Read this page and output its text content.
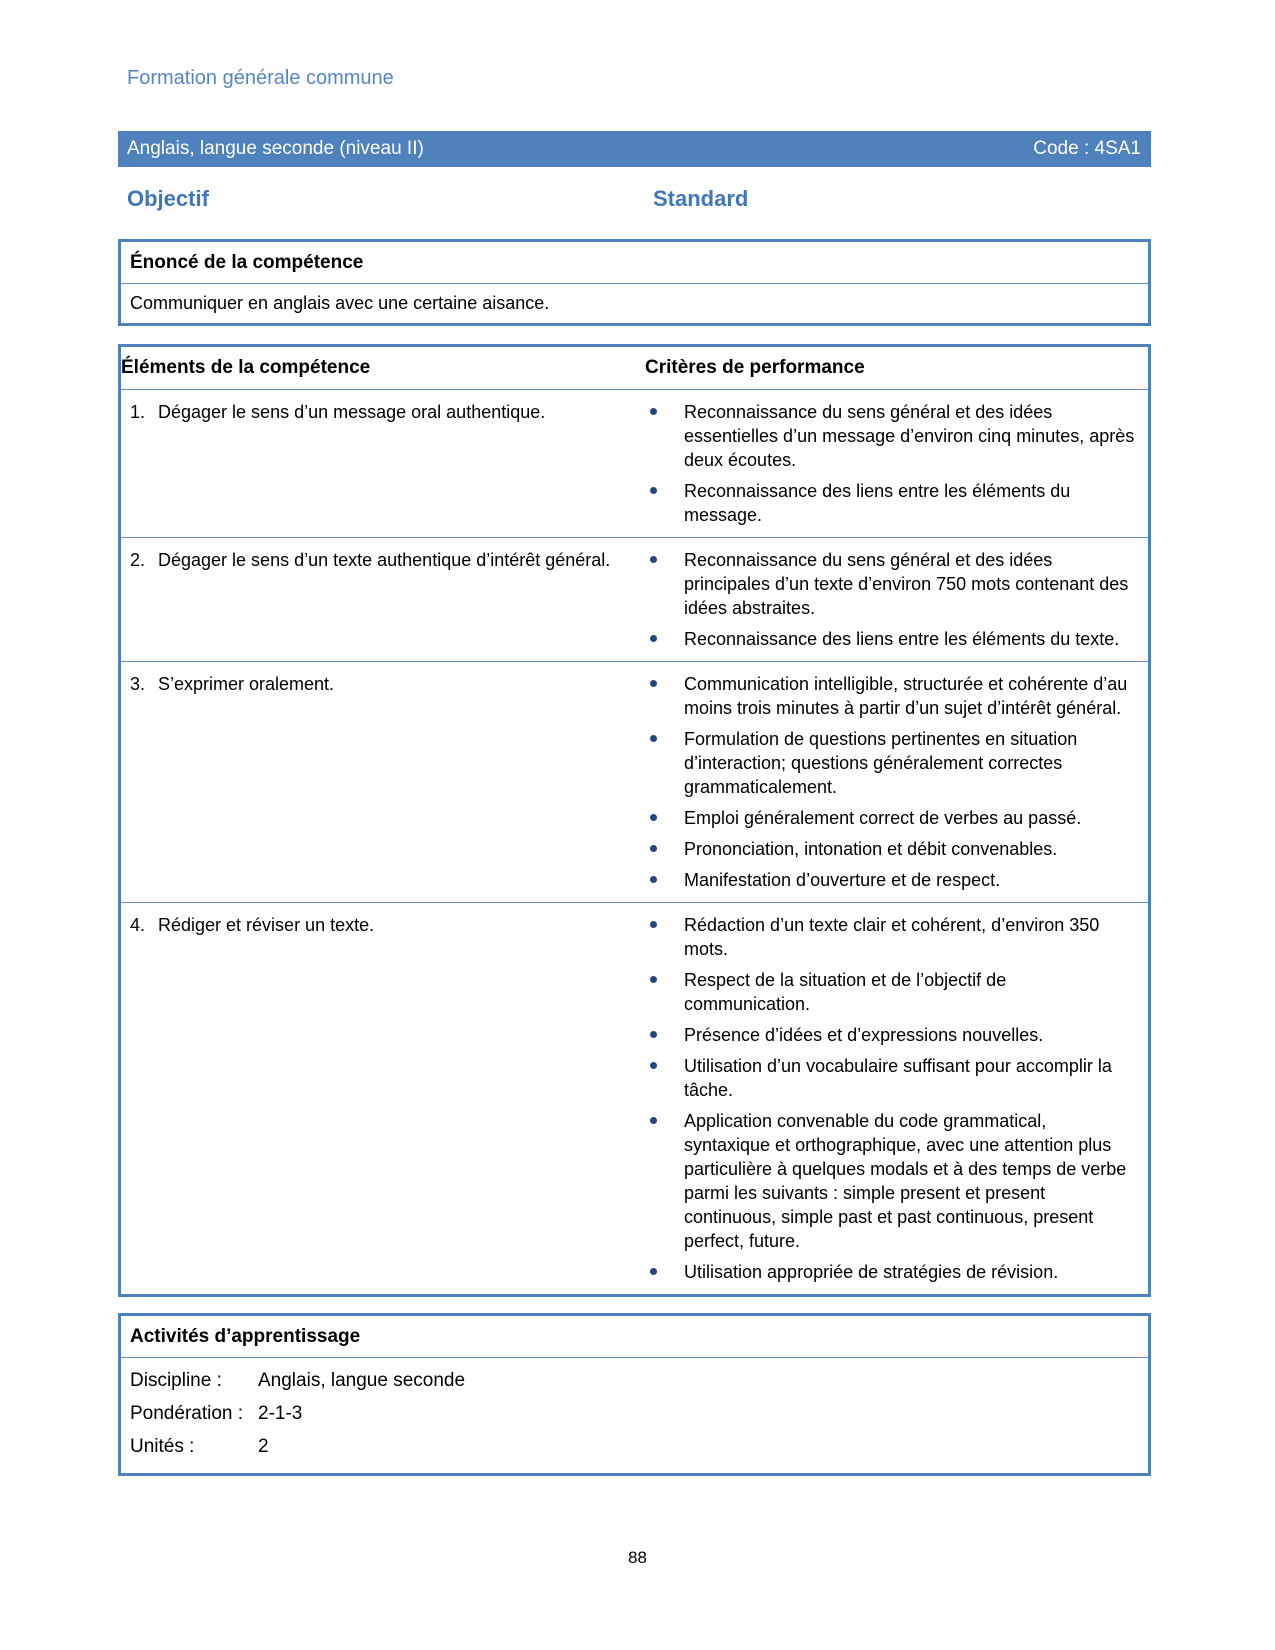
Formation générale commune
Anglais, langue seconde (niveau II)	Code : 4SA1
Objectif	Standard
Énoncé de la compétence
Communiquer en anglais avec une certaine aisance.
Éléments de la compétence	Critères de performance
1. Dégager le sens d’un message oral authentique.	Reconnaissance du sens général et des idées essentielles d’un message d’environ cinq minutes, après deux écoutes.
Reconnaissance des liens entre les éléments du message.
2. Dégager le sens d’un texte authentique d’intérêt général.	Reconnaissance du sens général et des idées principales d’un texte d’environ 750 mots contenant des idées abstraites.
Reconnaissance des liens entre les éléments du texte.
3. S’exprimer oralement.	Communication intelligible, structurée et cohérente d’au moins trois minutes à partir d’un sujet d’intérêt général.
Formulation de questions pertinentes en situation d’interaction; questions généralement correctes grammaticalement.
Emploi généralement correct de verbes au passé.
Prononciation, intonation et débit convenables.
Manifestation d’ouverture et de respect.
4. Rédiger et réviser un texte.	Rédaction d’un texte clair et cohérent, d’environ 350 mots.
Respect de la situation et de l’objectif de communication.
Présence d’idées et d’expressions nouvelles.
Utilisation d’un vocabulaire suffisant pour accomplir la tâche.
Application convenable du code grammatical, syntaxique et orthographique, avec une attention plus particulière à quelques modals et à des temps de verbe parmi les suivants : simple present et present continuous, simple past et past continuous, present perfect, future.
Utilisation appropriée de stratégies de révision.
Activités d’apprentissage
Discipline :	Anglais, langue seconde
Pondération : 2-1-3
Unités :	2
88
